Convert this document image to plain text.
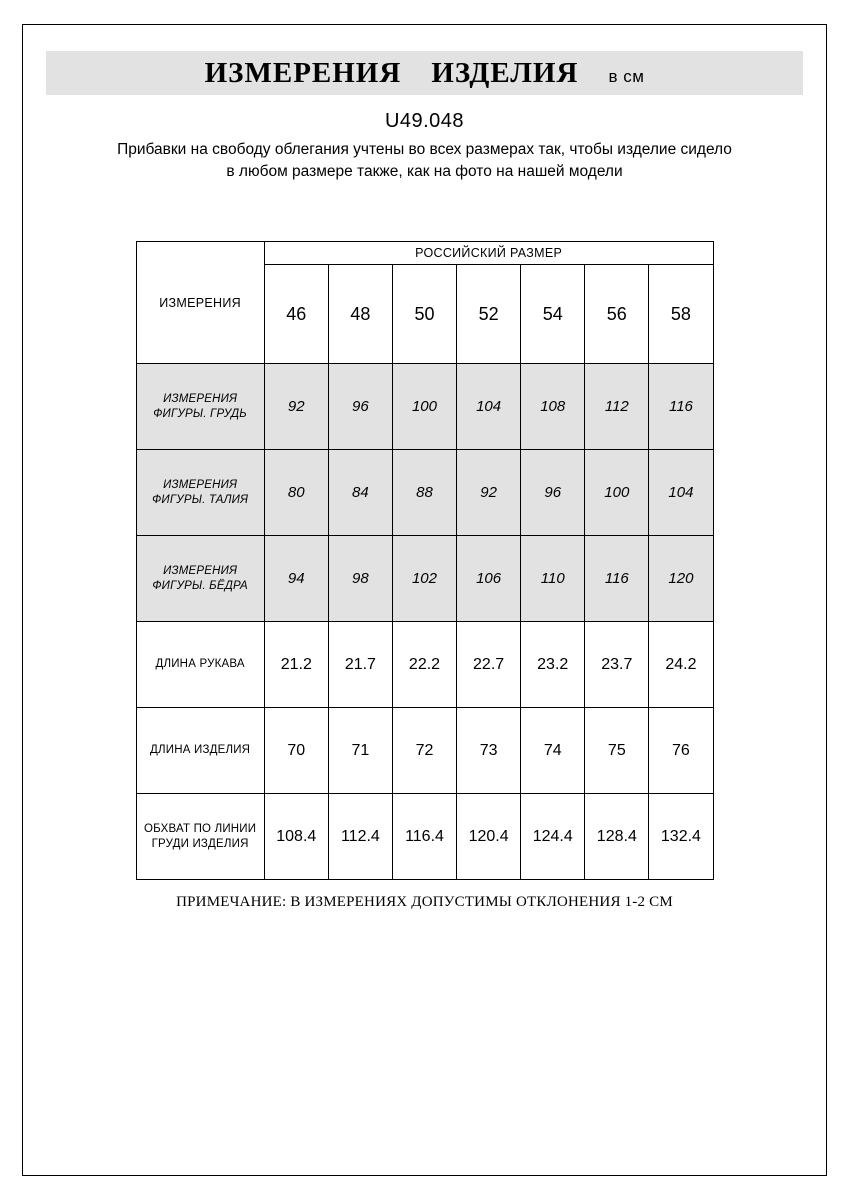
ИЗМЕРЕНИЯ ИЗДЕЛИЯ в см
U49.048
Прибавки на свободу облегания учтены во всех размерах так, чтобы изделие сидело в любом размере также, как на фото на нашей модели
ИЗМЕРЕНИЯ	РОССИЙСКИЙ РАЗМЕР						
	46	48	50	52	54	56	58
ИЗМЕРЕНИЯ ФИГУРЫ. ГРУДЬ	92	96	100	104	108	112	116
ИЗМЕРЕНИЯ ФИГУРЫ. ТАЛИЯ	80	84	88	92	96	100	104
ИЗМЕРЕНИЯ ФИГУРЫ. БЁДРА	94	98	102	106	110	116	120
ДЛИНА РУКАВА	21.2	21.7	22.2	22.7	23.2	23.7	24.2
ДЛИНА ИЗДЕЛИЯ	70	71	72	73	74	75	76
ОБХВАТ ПО ЛИНИИ ГРУДИ ИЗДЕЛИЯ	108.4	112.4	116.4	120.4	124.4	128.4	132.4
ПРИМЕЧАНИЕ: В ИЗМЕРЕНИЯХ ДОПУСТИМЫ ОТКЛОНЕНИЯ 1-2 СМ
